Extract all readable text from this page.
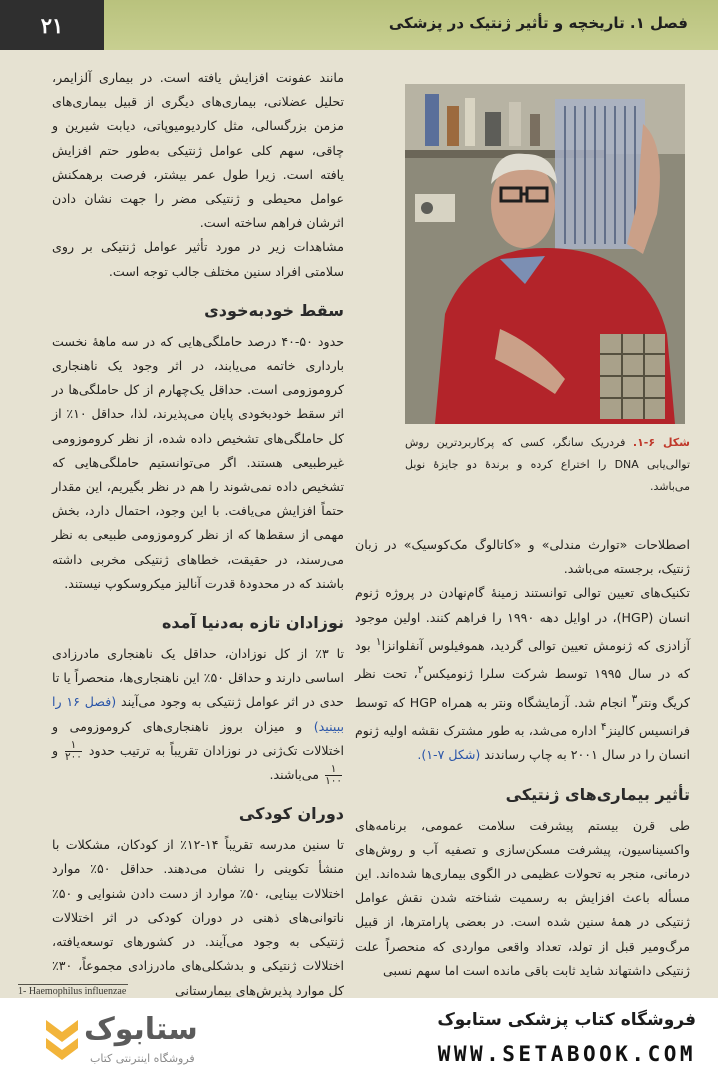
۲۱	فصل ۱. تاریخچه و تأثیر ژنتیک در پزشکی

مانند عفونت افزایش یافته است. در بیماری آلزایمر، تحلیل عضلانی، بیماری‌های دیگری از قبیل بیماری‌های مزمن بزرگسالی، مثل کاردیومیوپاتی، دیابت شیرین و چاقی، سهم کلی عوامل ژنتیکی به‌طور حتم افزایش یافته است. زیرا طول عمر بیشتر، فرصت برهمکنش عوامل محیطی و ژنتیکی مضر را جهت نشان دادن اثرشان فراهم ساخته است.

مشاهدات زیر در مورد تأثیر عوامل ژنتیکی بر روی سلامتی افراد سنین مختلف جالب توجه است.

سقط خودبه‌خودی

حدود ۵۰-۴۰ درصد حاملگی‌هایی که در سه ماهۀ نخست بارداری خاتمه می‌یابند، در اثر وجود یک ناهنجاری کروموزومی است. حداقل یک‌چهارم از کل حاملگی‌ها در اثر سقط خودبخودی پایان می‌پذیرند، لذا، حداقل ۱۰٪ از کل حاملگی‌های تشخیص داده شده، از نظر کروموزومی غیرطبیعی هستند. اگر می‌توانستیم حاملگی‌هایی که تشخیص داده نمی‌شوند را هم در نظر بگیریم، این مقدار حتماً افزایش می‌یافت. با این وجود، احتمال دارد، بخش مهمی از سقط‌ها که از نظر کروموزومی طبیعی به نظر می‌رسند، در حقیقت، خطاهای ژنتیکی مخربی داشته باشند که در محدودۀ قدرت آنالیز میکروسکوپ نیستند.

نوزادان تازه به‌دنیا آمده

تا ۳٪ از کل نوزادان، حداقل یک ناهنجاری مادرزادی اساسی دارند و حداقل ۵۰٪ این ناهنجاری‌ها، منحصراً یا تا حدی در اثر عوامل ژنتیکی به وجود می‌آیند (فصل ۱۶ را ببینید) و میزان بروز ناهنجاری‌های کروموزومی و اختلالات تک‌ژنی در نوزادان تقریباً به ترتیب حدود
$\frac{۱}{۲۰۰}$
و
$\frac{۱}{۱۰۰}$
می‌باشند.

دوران کودکی

تا سنین مدرسه تقریباً ۱۴-۱۲٪ از کودکان، مشکلات با منشأ تکوینی را نشان می‌دهند. حداقل ۵۰٪ موارد اختلالات بینایی، ۵۰٪ موارد از دست دادن شنوایی و ۵۰٪ ناتوانی‌های ذهنی در دوران کودکی در اثر اختلالات ژنتیکی به وجود می‌آیند. در کشورهای توسعه‌یافته، اختلالات ژنتیکی و بدشکلی‌های مادرزادی مجموعاً، ۳۰٪ کل موارد پذیرش‌های بیمارستانی

شکل ۶-۱. فردریک سانگر، کسی که پرکاربردترین روش توالی‌یابی DNA را اختراع کرده و برندۀ دو جایزۀ نوبل می‌باشد.

اصطلاحات «توارث مندلی» و «کاتالوگ مک‌کوسیک» در زبان ژنتیک، برجسته می‌باشد.

تکنیک‌های تعیین توالی توانستند زمینۀ گام‌نهادن در پروژه ژنوم انسان (HGP)، در اوایل دهه ۱۹۹۰ را فراهم کنند. اولین موجود آزادزی که ژنومش تعیین توالی گردید، هموفیلوس آنفلوانزا$^۱$ بود که در سال ۱۹۹۵ توسط شرکت سلرا ژنومیکس$^۲$، تحت نظر کریگ ونتر$^۳$ انجام شد. آزمایشگاه ونتر به همراه HGP که توسط فرانسیس کالینز$^۴$ اداره می‌شد، به طور مشترک نقشه اولیه ژنوم انسان را در سال ۲۰۰۱ به چاپ رساندند (شکل ۷-۱).

تأثیر بیماری‌های ژنتیکی

طی قرن بیستم پیشرفت سلامت عمومی، برنامه‌های واکسیناسیون، پیشرفت مسکن‌سازی و تصفیه آب و روش‌های درمانی، منجر به تحولات عظیمی در الگوی بیماری‌ها شده‌اند. این مسأله باعث افزایش به رسمیت شناخته شدن نقش عوامل ژنتیکی در همۀ سنین شده است. در بعضی پارامترها، از قبیل مرگ‌ومیر قبل از تولد، تعداد واقعی مواردی که منحصراً علت ژنتیکی داشتهاند شاید ثابت باقی مانده است اما سهم نسبی

1- Haemophilus influenzae
ستابوک
فروشگاه اینترنتی کتاب
فروشگاه کتاب پزشکی ستابوک
WWW.SETABOOK.COM
